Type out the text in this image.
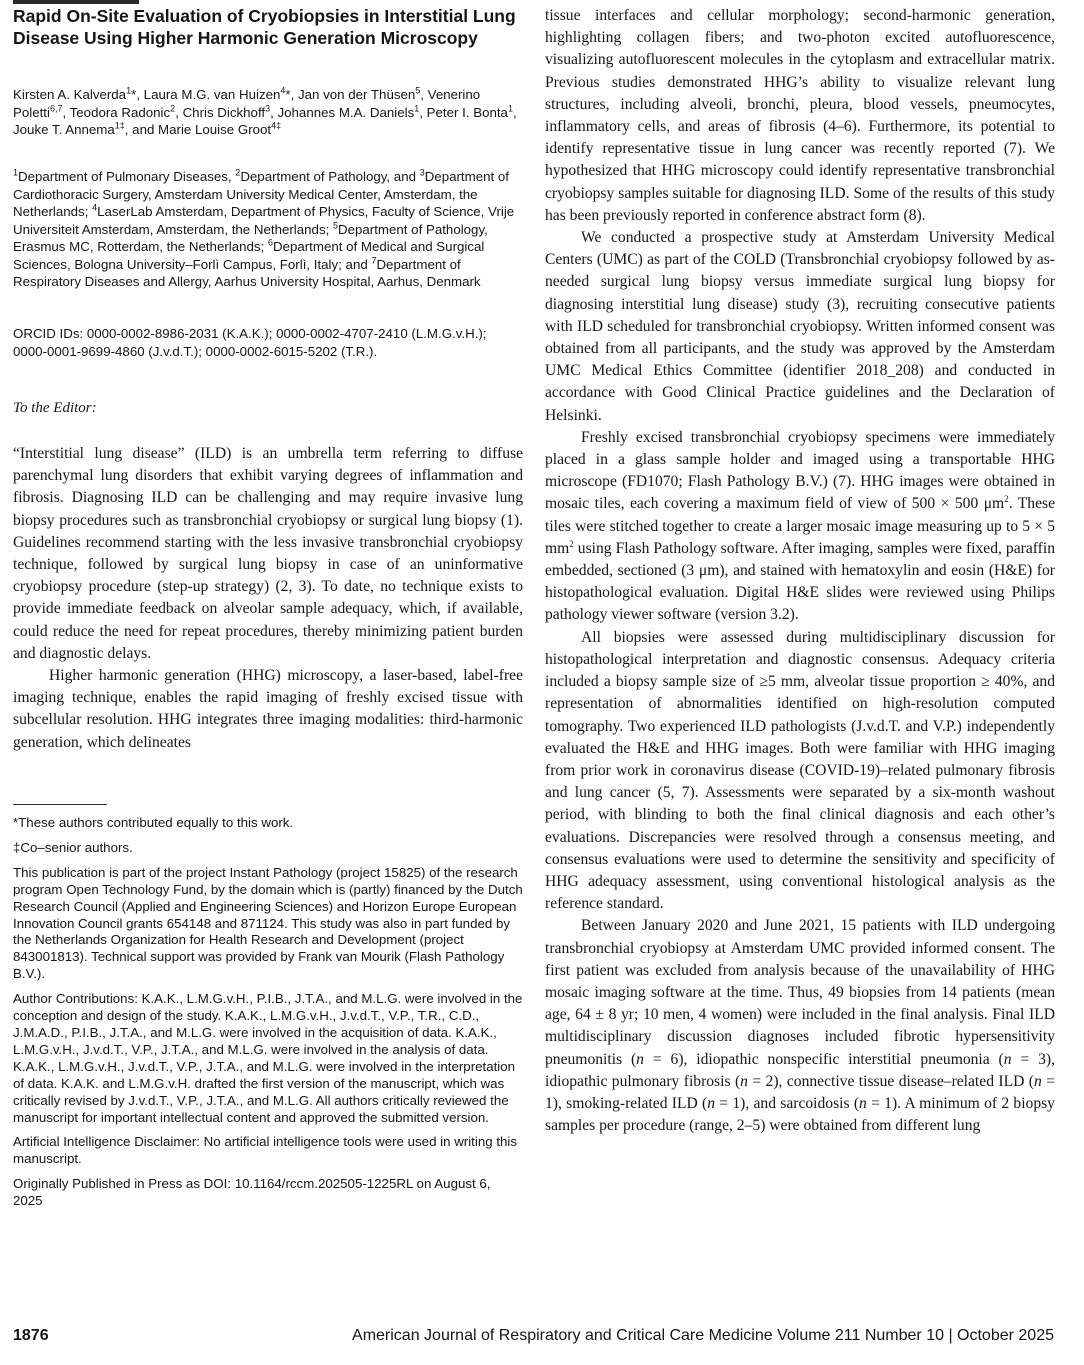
Rapid On-Site Evaluation of Cryobiopsies in Interstitial Lung Disease Using Higher Harmonic Generation Microscopy

Kirsten A. Kalverda$^1$*, Laura M.G. van Huizen$^4$*, Jan von der Thüsen$^5$, Venerino Poletti$^{6,7}$, Teodora Radonic$^2$, Chris Dickhoff$^3$, Johannes M.A. Daniels$^1$, Peter I. Bonta$^1$, Jouke T. Annema$^{1\ddagger}$, and Marie Louise Groot$^{4\ddagger}$

$^1$Department of Pulmonary Diseases, $^2$Department of Pathology, and $^3$Department of Cardiothoracic Surgery, Amsterdam University Medical Center, Amsterdam, the Netherlands; $^4$LaserLab Amsterdam, Department of Physics, Faculty of Science, Vrije Universiteit Amsterdam, Amsterdam, the Netherlands; $^5$Department of Pathology, Erasmus MC, Rotterdam, the Netherlands; $^6$Department of Medical and Surgical Sciences, Bologna University–Forlì Campus, Forlì, Italy; and $^7$Department of Respiratory Diseases and Allergy, Aarhus University Hospital, Aarhus, Denmark

ORCID IDs: 0000-0002-8986-2031 (K.A.K.); 0000-0002-4707-2410 (L.M.G.v.H.); 0000-0001-9699-4860 (J.v.d.T.); 0000-0002-6015-5202 (T.R.).

To the Editor:

“Interstitial lung disease” (ILD) is an umbrella term referring to diffuse parenchymal lung disorders that exhibit varying degrees of inflammation and fibrosis. Diagnosing ILD can be challenging and may require invasive lung biopsy procedures such as transbronchial cryobiopsy or surgical lung biopsy (1). Guidelines recommend starting with the less invasive transbronchial cryobiopsy technique, followed by surgical lung biopsy in case of an uninformative cryobiopsy procedure (step-up strategy) (2, 3). To date, no technique exists to provide immediate feedback on alveolar sample adequacy, which, if available, could reduce the need for repeat procedures, thereby minimizing patient burden and diagnostic delays.

Higher harmonic generation (HHG) microscopy, a laser-based, label-free imaging technique, enables the rapid imaging of freshly excised tissue with subcellular resolution. HHG integrates three imaging modalities: third-harmonic generation, which delineates

*These authors contributed equally to this work.

‡Co–senior authors.

This publication is part of the project Instant Pathology (project 15825) of the research program Open Technology Fund, by the domain which is (partly) financed by the Dutch Research Council (Applied and Engineering Sciences) and Horizon Europe European Innovation Council grants 654148 and 871124. This study was also in part funded by the Netherlands Organization for Health Research and Development (project 843001813). Technical support was provided by Frank van Mourik (Flash Pathology B.V.).

Author Contributions: K.A.K., L.M.G.v.H., P.I.B., J.T.A., and M.L.G. were involved in the conception and design of the study. K.A.K., L.M.G.v.H., J.v.d.T., V.P., T.R., C.D., J.M.A.D., P.I.B., J.T.A., and M.L.G. were involved in the acquisition of data. K.A.K., L.M.G.v.H., J.v.d.T., V.P., J.T.A., and M.L.G. were involved in the analysis of data. K.A.K., L.M.G.v.H., J.v.d.T., V.P., J.T.A., and M.L.G. were involved in the interpretation of data. K.A.K. and L.M.G.v.H. drafted the first version of the manuscript, which was critically revised by J.v.d.T., V.P., J.T.A., and M.L.G. All authors critically reviewed the manuscript for important intellectual content and approved the submitted version.

Artificial Intelligence Disclaimer: No artificial intelligence tools were used in writing this manuscript.

Originally Published in Press as DOI: 10.1164/rccm.202505-1225RL on August 6, 2025

tissue interfaces and cellular morphology; second-harmonic generation, highlighting collagen fibers; and two-photon excited autofluorescence, visualizing autofluorescent molecules in the cytoplasm and extracellular matrix. Previous studies demonstrated HHG’s ability to visualize relevant lung structures, including alveoli, bronchi, pleura, blood vessels, pneumocytes, inflammatory cells, and areas of fibrosis (4–6). Furthermore, its potential to identify representative tissue in lung cancer was recently reported (7). We hypothesized that HHG microscopy could identify representative transbronchial cryobiopsy samples suitable for diagnosing ILD. Some of the results of this study has been previously reported in conference abstract form (8).

We conducted a prospective study at Amsterdam University Medical Centers (UMC) as part of the COLD (Transbronchial cryobiopsy followed by as-needed surgical lung biopsy versus immediate surgical lung biopsy for diagnosing interstitial lung disease) study (3), recruiting consecutive patients with ILD scheduled for transbronchial cryobiopsy. Written informed consent was obtained from all participants, and the study was approved by the Amsterdam UMC Medical Ethics Committee (identifier 2018_208) and conducted in accordance with Good Clinical Practice guidelines and the Declaration of Helsinki.

Freshly excised transbronchial cryobiopsy specimens were immediately placed in a glass sample holder and imaged using a transportable HHG microscope (FD1070; Flash Pathology B.V.) (7). HHG images were obtained in mosaic tiles, each covering a maximum field of view of 500 × 500 $\mu m^2$. These tiles were stitched together to create a larger mosaic image measuring up to 5 × 5 $mm^2$ using Flash Pathology software. After imaging, samples were fixed, paraffin embedded, sectioned (3 μm), and stained with hematoxylin and eosin (H&E) for histopathological evaluation. Digital H&E slides were reviewed using Philips pathology viewer software (version 3.2).

All biopsies were assessed during multidisciplinary discussion for histopathological interpretation and diagnostic consensus. Adequacy criteria included a biopsy sample size of ≥5 mm, alveolar tissue proportion ≥ 40%, and representation of abnormalities identified on high-resolution computed tomography. Two experienced ILD pathologists (J.v.d.T. and V.P.) independently evaluated the H&E and HHG images. Both were familiar with HHG imaging from prior work in coronavirus disease (COVID-19)–related pulmonary fibrosis and lung cancer (5, 7). Assessments were separated by a six-month washout period, with blinding to both the final clinical diagnosis and each other’s evaluations. Discrepancies were resolved through a consensus meeting, and consensus evaluations were used to determine the sensitivity and specificity of HHG adequacy assessment, using conventional histological analysis as the reference standard.

Between January 2020 and June 2021, 15 patients with ILD undergoing transbronchial cryobiopsy at Amsterdam UMC provided informed consent. The first patient was excluded from analysis because of the unavailability of HHG mosaic imaging software at the time. Thus, 49 biopsies from 14 patients (mean age, 64 ± 8 yr; 10 men, 4 women) were included in the final analysis. Final ILD multidisciplinary discussion diagnoses included fibrotic hypersensitivity pneumonitis (n = 6), idiopathic nonspecific interstitial pneumonia (n = 3), idiopathic pulmonary fibrosis (n = 2), connective tissue disease–related ILD (n = 1), smoking-related ILD (n = 1), and sarcoidosis (n = 1). A minimum of 2 biopsy samples per procedure (range, 2–5) were obtained from different lung

1876	American Journal of Respiratory and Critical Care Medicine Volume 211 Number 10 | October 2025
